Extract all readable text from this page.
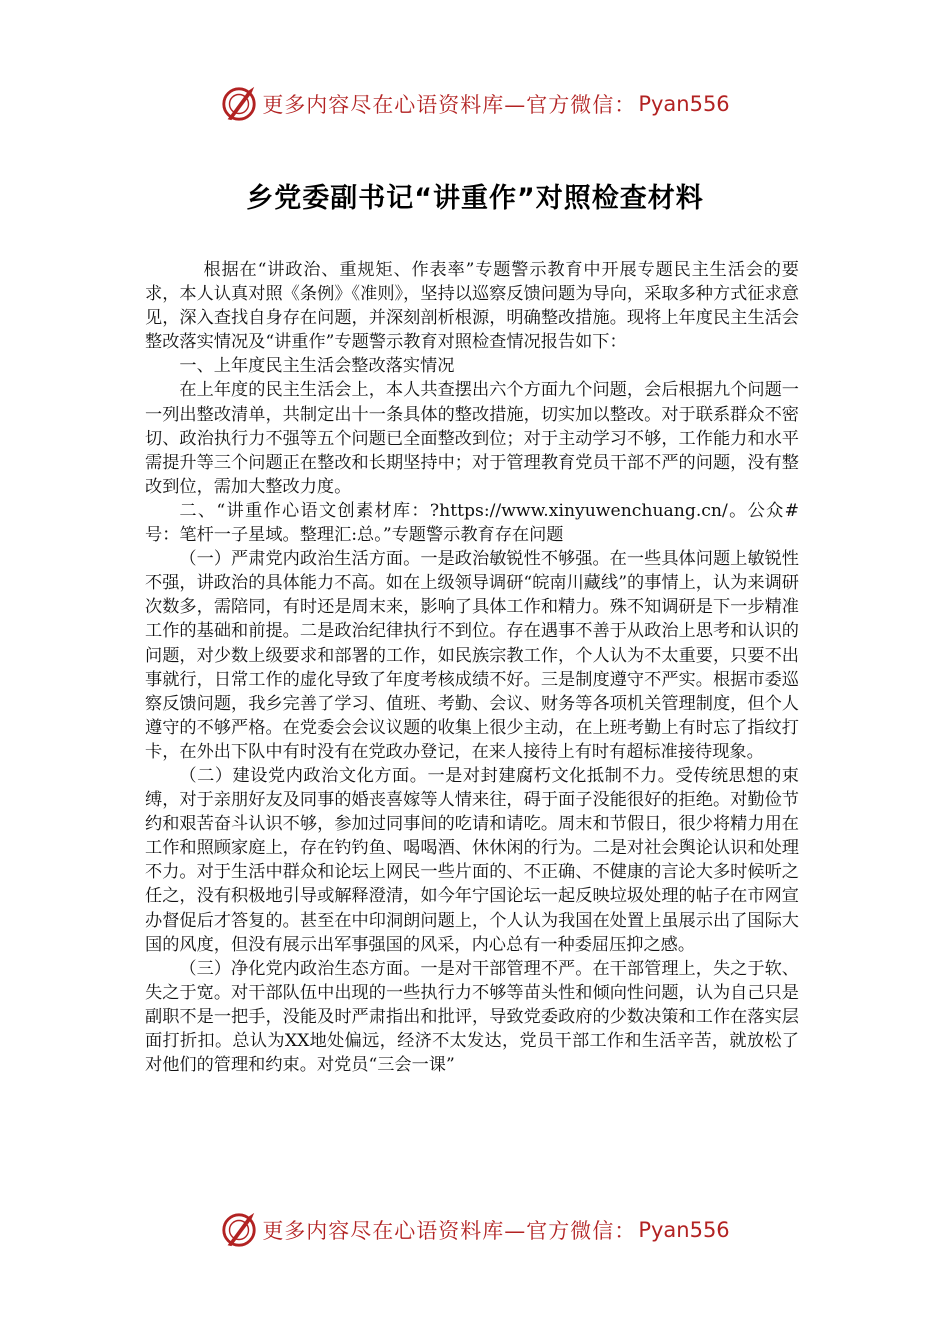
更多内容尽在心语资料库—官方微信： Pyan556
乡党委副书记“讲重作”对照检查材料

根据在“讲政治、重规矩、作表率”专题警示教育中开展专题民主生活会的要求，本人认真对照《条例》《准则》，坚持以巡察反馈问题为导向，采取多种方式征求意见，深入查找自身存在问题，并深刻剖析根源，明确整改措施。现将上年度民主生活会整改落实情况及“讲重作”专题警示教育对照检查情况报告如下：

一、上年度民主生活会整改落实情况

在上年度的民主生活会上，本人共查摆出六个方面九个问题，会后根据九个问题一一列出整改清单，共制定出十一条具体的整改措施，切实加以整改。对于联系群众不密切、政治执行力不强等五个问题已全面整改到位；对于主动学习不够，工作能力和水平需提升等三个问题正在整改和长期坚持中；对于管理教育党员干部不严的问题，没有整改到位，需加大整改力度。

二、“讲重作心语文创素材库：?https://www.xinyuwenchuang.cn/。公众#号：笔杆一子星域。整理汇:总。”专题警示教育存在问题

（一）严肃党内政治生活方面。一是政治敏锐性不够强。在一些具体问题上敏锐性不强，讲政治的具体能力不高。如在上级领导调研“皖南川藏线”的事情上，认为来调研次数多，需陪同，有时还是周末来，影响了具体工作和精力。殊不知调研是下一步精准工作的基础和前提。二是政治纪律执行不到位。存在遇事不善于从政治上思考和认识的问题，对少数上级要求和部署的工作，如民族宗教工作，个人认为不太重要，只要不出事就行，日常工作的虚化导致了年度考核成绩不好。三是制度遵守不严实。根据市委巡察反馈问题，我乡完善了学习、值班、考勤、会议、财务等各项机关管理制度，但个人遵守的不够严格。在党委会会议议题的收集上很少主动，在上班考勤上有时忘了指纹打卡，在外出下队中有时没有在党政办登记，在来人接待上有时有超标准接待现象。

（二）建设党内政治文化方面。一是对封建腐朽文化抵制不力。受传统思想的束缚，对于亲朋好友及同事的婚丧喜嫁等人情来往，碍于面子没能很好的拒绝。对勤俭节约和艰苦奋斗认识不够，参加过同事间的吃请和请吃。周末和节假日，很少将精力用在工作和照顾家庭上，存在钓钓鱼、喝喝酒、休休闲的行为。二是对社会舆论认识和处理不力。对于生活中群众和论坛上网民一些片面的、不正确、不健康的言论大多时候听之任之，没有积极地引导或解释澄清，如今年宁国论坛一起反映垃圾处理的帖子在市网宣办督促后才答复的。甚至在中印洞朗问题上，个人认为我国在处置上虽展示出了国际大国的风度，但没有展示出军事强国的风采，内心总有一种委屈压抑之感。

（三）净化党内政治生态方面。一是对干部管理不严。在干部管理上，失之于软、失之于宽。对干部队伍中出现的一些执行力不够等苗头性和倾向性问题，认为自己只是副职不是一把手，没能及时严肃指出和批评，导致党委政府的少数决策和工作在落实层面打折扣。总认为XX地处偏远，经济不太发达，党员干部工作和生活辛苦，就放松了对他们的管理和约束。对党员“三会一课”

更多内容尽在心语资料库—官方微信： Pyan556
